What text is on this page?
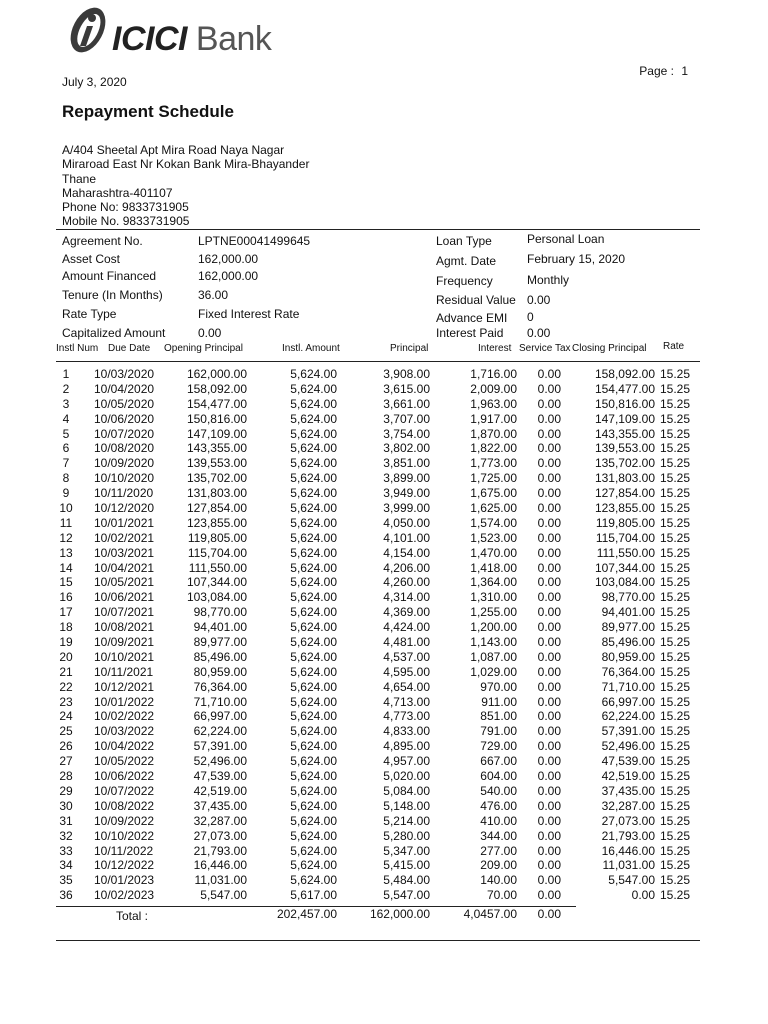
ICICI Bank
July 3, 2020
Page : 1
Repayment Schedule
A/404 Sheetal Apt Mira Road Naya Nagar
Miraroad East Nr Kokan Bank Mira-Bhayander
Thane
Maharashtra-401107
Phone No: 9833731905
Mobile No. 9833731905
Agreement No.	LPTNE00041499645
Asset Cost	162,000.00
Amount Financed	162,000.00
Tenure (In Months)	36.00
Rate Type	Fixed Interest Rate
Capitalized Amount	0.00
Loan Type	Personal Loan
Agmt. Date	February 15, 2020
Frequency	Monthly
Residual Value 0.00
Advance EMI 0
Interest Paid 0.00
Instl Num Due Date Opening Principal	Instl. Amount	Principal	Interest Service Tax Closing Principal Rate
1	10/03/2020	162,000.00	5,624.00	3,908.00	1,716.00 0.00	158,092.00 15.25
2	10/04/2020	158,092.00	5,624.00	3,615.00	2,009.00 0.00	154,477.00 15.25
3	10/05/2020	154,477.00	5,624.00	3,661.00	1,963.00 0.00	150,816.00 15.25
4	10/06/2020	150,816.00	5,624.00	3,707.00	1,917.00 0.00	147,109.00 15.25
5	10/07/2020	147,109.00	5,624.00	3,754.00	1,870.00 0.00	143,355.00 15.25
6	10/08/2020	143,355.00	5,624.00	3,802.00	1,822.00 0.00	139,553.00 15.25
7	10/09/2020	139,553.00	5,624.00	3,851.00	1,773.00 0.00	135,702.00 15.25
8	10/10/2020	135,702.00	5,624.00	3,899.00	1,725.00 0.00	131,803.00 15.25
9	10/11/2020	131,803.00	5,624.00	3,949.00	1,675.00 0.00	127,854.00 15.25
10 10/12/2020	127,854.00	5,624.00	3,999.00	1,625.00 0.00	123,855.00 15.25
11	10/01/2021	123,855.00	5,624.00	4,050.00	1,574.00 0.00	119,805.00 15.25
12 10/02/2021	119,805.00	5,624.00	4,101.00	1,523.00 0.00	115,704.00 15.25
13 10/03/2021	115,704.00	5,624.00	4,154.00	1,470.00 0.00	111,550.00 15.25
14 10/04/2021	111,550.00	5,624.00	4,206.00	1,418.00 0.00	107,344.00 15.25
15 10/05/2021	107,344.00	5,624.00	4,260.00	1,364.00 0.00	103,084.00 15.25
16 10/06/2021	103,084.00	5,624.00	4,314.00	1,310.00 0.00	98,770.00 15.25
17 10/07/2021	98,770.00	5,624.00	4,369.00	1,255.00 0.00	94,401.00 15.25
18 10/08/2021	94,401.00	5,624.00	4,424.00	1,200.00 0.00	89,977.00 15.25
19 10/09/2021	89,977.00	5,624.00	4,481.00	1,143.00 0.00	85,496.00 15.25
20 10/10/2021	85,496.00	5,624.00	4,537.00	1,087.00 0.00	80,959.00 15.25
21 10/11/2021	80,959.00	5,624.00	4,595.00	1,029.00 0.00	76,364.00 15.25
22 10/12/2021	76,364.00	5,624.00	4,654.00	970.00 0.00	71,710.00 15.25
23 10/01/2022	71,710.00	5,624.00	4,713.00	911.00 0.00	66,997.00 15.25
24 10/02/2022	66,997.00	5,624.00	4,773.00	851.00 0.00	62,224.00 15.25
25 10/03/2022	62,224.00	5,624.00	4,833.00	791.00 0.00	57,391.00 15.25
26 10/04/2022	57,391.00	5,624.00	4,895.00	729.00 0.00	52,496.00 15.25
27 10/05/2022	52,496.00	5,624.00	4,957.00	667.00 0.00	47,539.00 15.25
28 10/06/2022	47,539.00	5,624.00	5,020.00	604.00 0.00	42,519.00 15.25
29 10/07/2022	42,519.00	5,624.00	5,084.00	540.00 0.00	37,435.00 15.25
30 10/08/2022	37,435.00	5,624.00	5,148.00	476.00 0.00	32,287.00 15.25
31 10/09/2022	32,287.00	5,624.00	5,214.00	410.00 0.00	27,073.00 15.25
32 10/10/2022	27,073.00	5,624.00	5,280.00	344.00 0.00	21,793.00 15.25
33 10/11/2022	21,793.00	5,624.00	5,347.00	277.00 0.00	16,446.00 15.25
34 10/12/2022	16,446.00	5,624.00	5,415.00	209.00 0.00	11,031.00 15.25
35 10/01/2023	11,031.00	5,624.00	5,484.00	140.00 0.00	5,547.00 15.25
36 10/02/2023	5,547.00	5,617.00	5,547.00	70.00 0.00	0.00 15.25
Total :	202,457.00	162,000.00	4,0457.00 0.00
